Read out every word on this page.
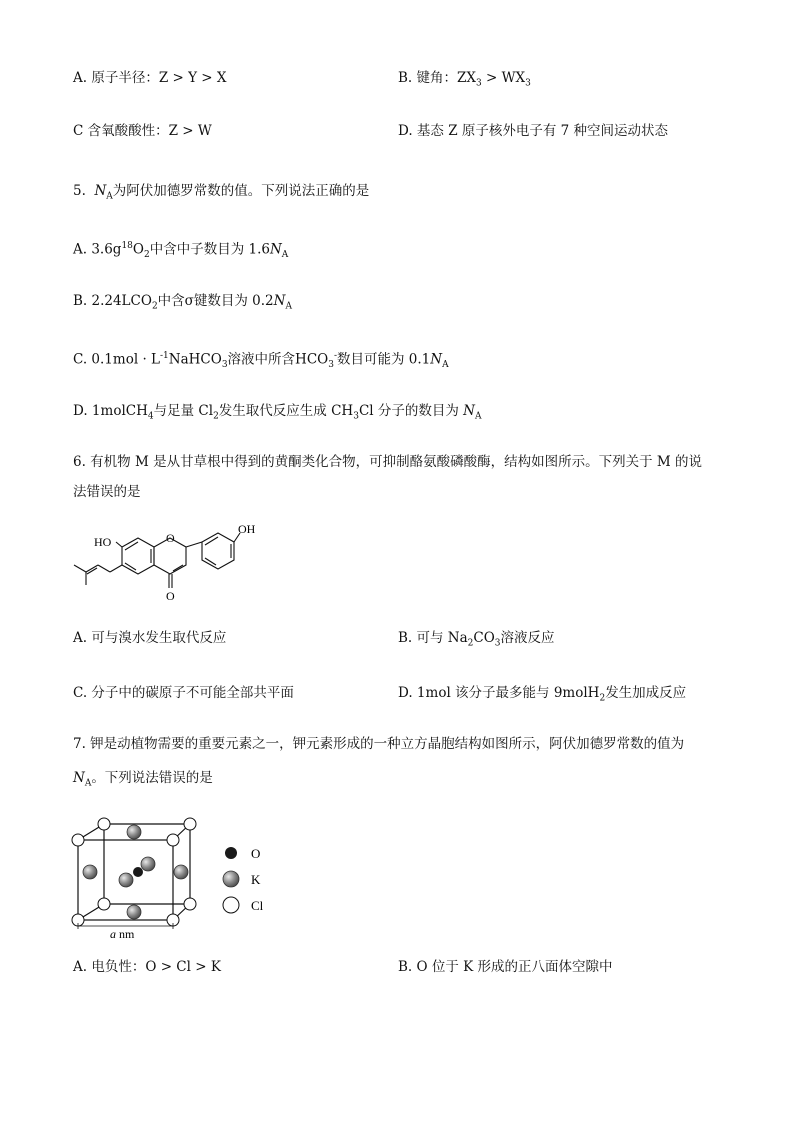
A. 原子半径：Z > Y > X	B. 键角：$ZX_3 > WX_3$
C 含氧酸酸性：Z > W	D. 基态 Z 原子核外电子有 7 种空间运动状态
5. $N_A$为阿伏加德罗常数的值。下列说法正确的是
A. $3.6g^{18}O_2$中含中子数目为 $1.6N_A$
B. $2.24LCO_2$中含σ键数目为 $0.2N_A$
C. $0.1mol \cdot L^{-1}NaHCO_3$溶液中所含$HCO_3^-$数目可能为 $0.1N_A$
D. 1molCH$_4$与足量 $Cl_2$发生取代反应生成 $CH_3Cl$ 分子的数目为 $N_A$
6. 有机物 M 是从甘草根中得到的黄酮类化合物，可抑制酪氨酸磷酸酶，结构如图所示。下列关于 M 的说
法错误的是
HO
OH
O
O
A. 可与溴水发生取代反应	B. 可与 $Na_2CO_3$溶液反应
C. 分子中的碳原子不可能全部共平面	D. 1mol 该分子最多能与 9molH$_2$发生加成反应
7. 钾是动植物需要的重要元素之一，钾元素形成的一种立方晶胞结构如图所示，阿伏加德罗常数的值为
$N_A$。下列说法错误的是
a nm
O
K
Cl
A. 电负性：O > Cl > K	B. O 位于 K 形成的正八面体空隙中
